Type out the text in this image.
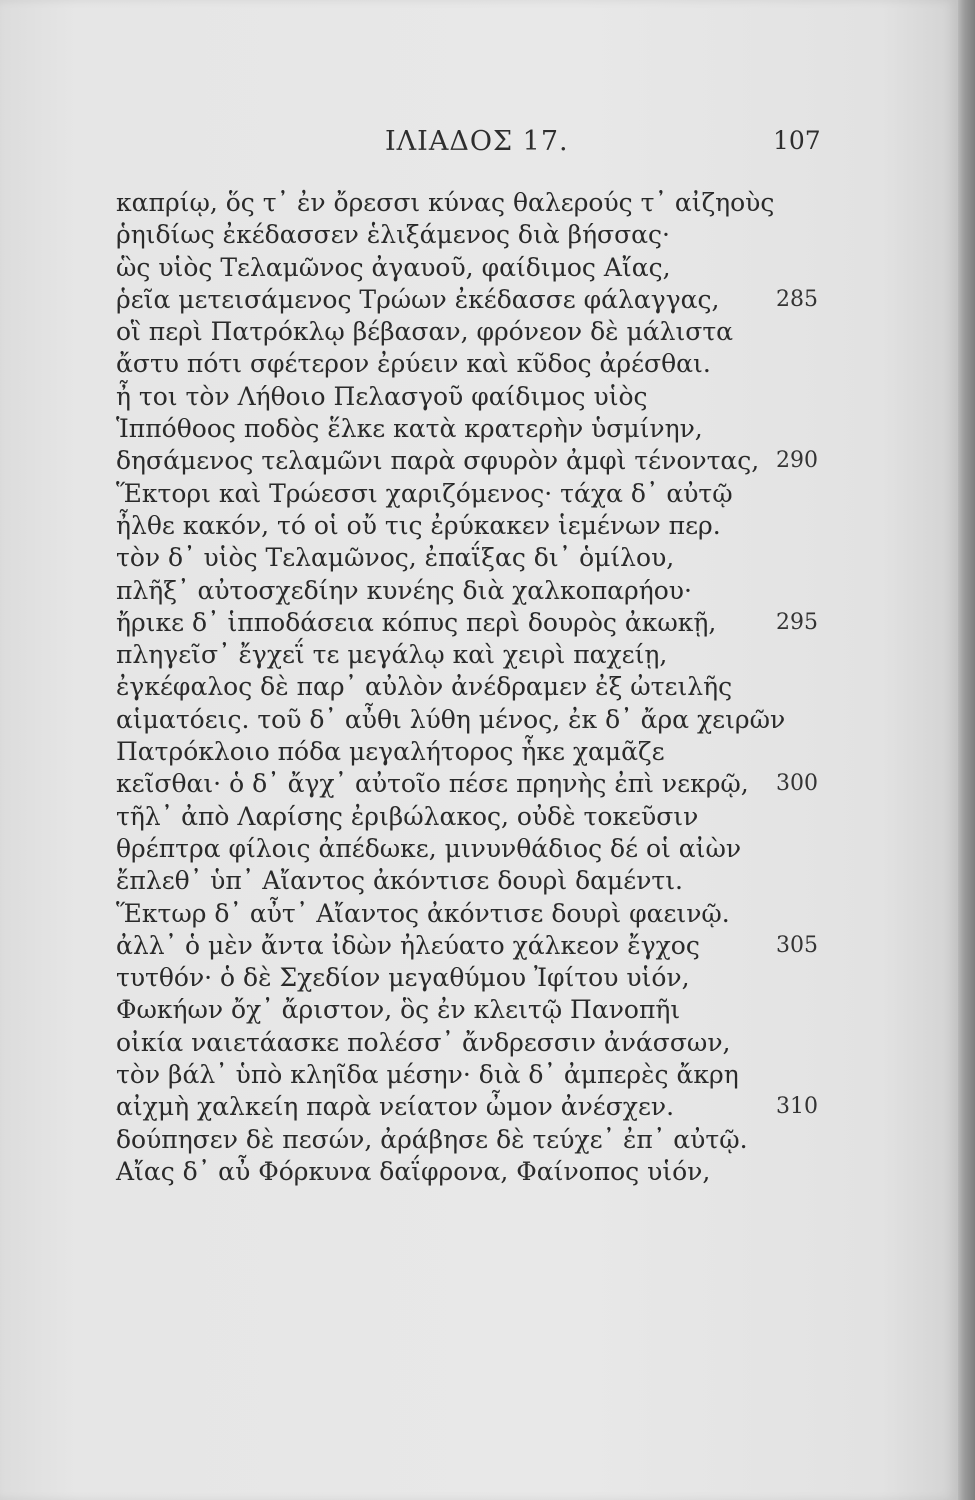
ΙΛΙΑΔΟΣ 17.	107
καπρίῳ, ὅς τ᾽ ἐν ὄρεσσι κύνας θαλερούς τ᾽ αἰζηοὺς
ῥηιδίως ἐκέδασσεν ἑλιξάμενος διὰ βήσσας·
ὣς υἱὸς Τελαμῶνος ἀγαυοῦ, φαίδιμος Αἴας,
ῥεῖα μετεισάμενος Τρώων ἐκέδασσε φάλαγγας,	285
οἳ περὶ Πατρόκλῳ βέβασαν, φρόνεον δὲ μάλιστα
ἄστυ πότι σφέτερον ἐρύειν καὶ κῦδος ἀρέσθαι.
ἦ τοι τὸν Λήθοιο Πελασγοῦ φαίδιμος υἱὸς
Ἱππόθοος ποδὸς ἕλκε κατὰ κρατερὴν ὑσμίνην,
δησάμενος τελαμῶνι παρὰ σφυρὸν ἀμφὶ τένοντας, 290
Ἕκτορι καὶ Τρώεσσι χαριζόμενος· τάχα δ᾽ αὐτῷ
ἦλθε κακόν, τό οἱ οὔ τις ἐρύκακεν ἱεμένων περ.
τὸν δ᾽ υἱὸς Τελαμῶνος, ἐπαΐξας δι᾽ ὁμίλου,
πλῆξ᾽ αὐτοσχεδίην κυνέης διὰ χαλκοπαρήου·
ἤρικε δ᾽ ἱπποδάσεια κόπυς περὶ δουρὸς ἀκωκῇ,	295
πληγεῖσ᾽ ἔγχεΐ τε μεγάλῳ καὶ χειρὶ παχείῃ,
ἐγκέφαλος δὲ παρ᾽ αὐλὸν ἀνέδραμεν ἐξ ὠτειλῆς
αἱματόεις. τοῦ δ᾽ αὖθι λύθη μένος, ἐκ δ᾽ ἄρα χειρῶν
Πατρόκλοιο πόδα μεγαλήτορος ἧκε χαμᾶζε
κεῖσθαι· ὁ δ᾽ ἄγχ᾽ αὐτοῖο πέσε πρηνὴς ἐπὶ νεκρῷ, 300
τῆλ᾽ ἀπὸ Λαρίσης ἐριβώλακος, οὐδὲ τοκεῦσιν
θρέπτρα φίλοις ἀπέδωκε, μινυνθάδιος δέ οἱ αἰὼν
ἔπλεθ᾽ ὑπ᾽ Αἴαντος ἀκόντισε δουρὶ δαμέντι.
Ἕκτωρ δ᾽ αὖτ᾽ Αἴαντος ἀκόντισε δουρὶ φαεινῷ.
ἀλλ᾽ ὁ μὲν ἄντα ἰδὼν ἠλεύατο χάλκεον ἔγχος	305
τυτθόν· ὁ δὲ Σχεδίον μεγαθύμου Ἰφίτου υἱόν,
Φωκήων ὄχ᾽ ἄριστον, ὃς ἐν κλειτῷ Πανοπῆι
οἰκία ναιετάασκε πολέσσ᾽ ἄνδρεσσιν ἀνάσσων,
τὸν βάλ᾽ ὑπὸ κληῖδα μέσην· διὰ δ᾽ ἀμπερὲς ἄκρη
αἰχμὴ χαλκείη παρὰ νείατον ὦμον ἀνέσχεν.	310
δούπησεν δὲ πεσών, ἀράβησε δὲ τεύχε᾽ ἐπ᾽ αὐτῷ.
Αἴας δ᾽ αὖ Φόρκυνα δαΐφρονα, Φαίνοπος υἱόν,
